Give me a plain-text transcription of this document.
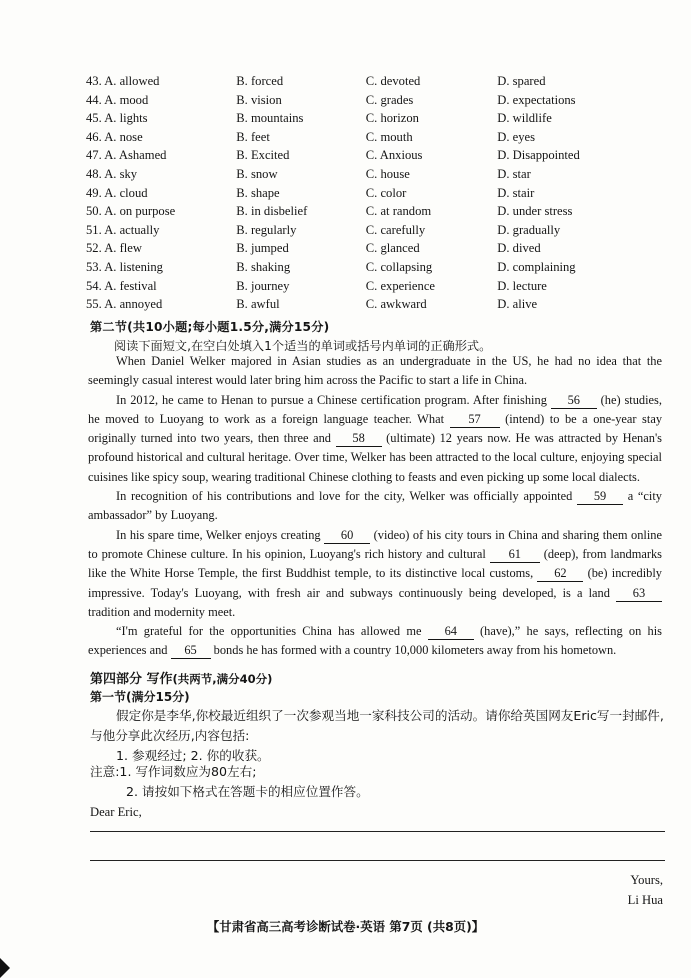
43. A. allowed	B. forced	C. devoted	D. spared
44. A. mood	B. vision	C. grades	D. expectations
45. A. lights	B. mountains	C. horizon	D. wildlife
46. A. nose	B. feet	C. mouth	D. eyes
47. A. Ashamed	B. Excited	C. Anxious	D. Disappointed
48. A. sky	B. snow	C. house	D. star
49. A. cloud	B. shape	C. color	D. stair
50. A. on purpose	B. in disbelief	C. at random	D. under stress
51. A. actually	B. regularly	C. carefully	D. gradually
52. A. flew	B. jumped	C. glanced	D. dived
53. A. listening	B. shaking	C. collapsing	D. complaining
54. A. festival	B. journey	C. experience	D. lecture
55. A. annoyed	B. awful	C. awkward	D. alive
第二节(共10小题;每小题1.5分,满分15分)
阅读下面短文,在空白处填入1个适当的单词或括号内单词的正确形式。

When Daniel Welker majored in Asian studies as an undergraduate in the US, he had no idea that the seemingly casual interest would later bring him across the Pacific to start a life in China.

In 2012, he came to Henan to pursue a Chinese certification program. After finishing 56 (he) studies, he moved to Luoyang to work as a foreign language teacher. What 57 (intend) to be a one-year stay originally turned into two years, then three and 58 (ultimate) 12 years now. He was attracted by Henan's profound historical and cultural heritage. Over time, Welker has been attracted to the local culture, enjoying special cuisines like spicy soup, wearing traditional Chinese clothing to feasts and even picking up some local dialects.

In recognition of his contributions and love for the city, Welker was officially appointed 59 a “city ambassador” by Luoyang.

In his spare time, Welker enjoys creating 60 (video) of his city tours in China and sharing them online to promote Chinese culture. In his opinion, Luoyang's rich history and cultural 61 (deep), from landmarks like the White Horse Temple, the first Buddhist temple, to its distinctive local customs, 62 (be) incredibly impressive. Today's Luoyang, with fresh air and subways continuously being developed, is a land 63 tradition and modernity meet.

“I'm grateful for the opportunities China has allowed me 64 (have),” he says, reflecting on his experiences and 65 bonds he has formed with a country 10,000 kilometers away from his hometown.

第四部分 写作(共两节,满分40分)
第一节(满分15分)

假定你是李华,你校最近组织了一次参观当地一家科技公司的活动。请你给英国网友Eric写一封邮件,与他分享此次经历,内容包括:

1. 参观经过; 2. 你的收获。

注意:1. 写作词数应为80左右;
2. 请按如下格式在答题卡的相应位置作答。
Dear Eric,
Yours,
Li Hua
【甘肃省高三高考诊断试卷·英语 第7页 (共8页)】
